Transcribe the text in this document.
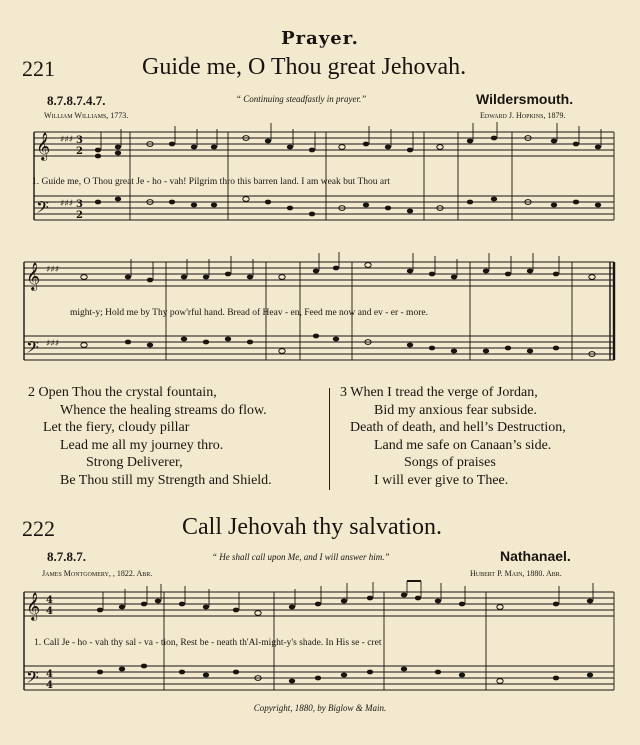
Prayer.
221	Guide me, O Thou great Jehovah.
8.7.8.7.4.7.	“ Continuing steadfastly in prayer.”	Wildersmouth.
William Williams, 1773.	Edward J. Hopkins, 1879.
𝄞
𝄢
♯♯♯
♯♯♯
3
2
3
2
1. Guide me, O Thou great Je - ho - vah! Pilgrim thro this barren land. I am weak but Thou art
𝄞
𝄢
♯♯♯
♯♯♯
might-y; Hold me by Thy pow'rful hand. Bread of Heav - en, Feed me now and ev - er - more.
2 Open Thou the crystal fountain,
Whence the healing streams do flow.
Let the fiery, cloudy pillar
Lead me all my journey thro.
Strong Deliverer,
Be Thou still my Strength and Shield.
3 When I tread the verge of Jordan,
Bid my anxious fear subside.
Death of death, and hell’s Destruction,
Land me safe on Canaan’s side.
Songs of praises
I will ever give to Thee.
222	Call Jehovah thy salvation.
8.7.8.7.	“ He shall call upon Me, and I will answer him.”	Nathanael.
James Montgomery, , 1822. Abr.	Hubert P. Main, 1880. Abr.
𝄞
𝄢
4
4
4
4
1. Call Je - ho - vah thy sal - va - tion, Rest be - neath th'Al-might-y's shade. In His se - cret
Copyright, 1880, by Biglow & Main.
